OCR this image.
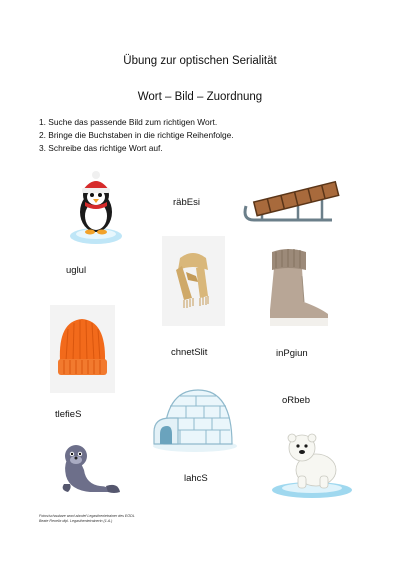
Übung zur optischen Serialität
Wort – Bild – Zuordnung
1. Suche das passende Bild zum richtigen Wort.
2. Bringe die Buchstaben in die richtige Reihenfolge.
3. Schreibe das richtige Wort auf.
räbEsi
uglul
chnetSlit	inPgiun
oRbeb
tlefieS
lahcS
Fotos/schaubare word abcdef Legasthenietrainer des EÖDL
Beate Reoelix dipl. Legasthenietrainerin (1.A.)
